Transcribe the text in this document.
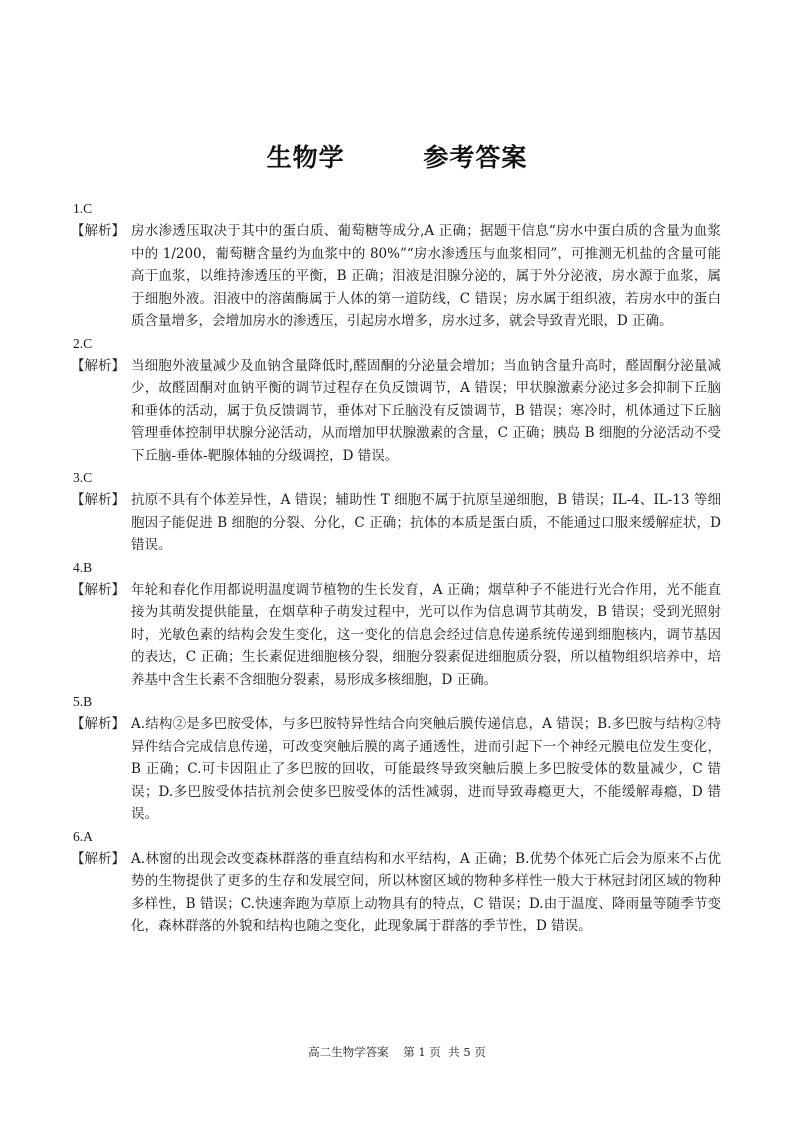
生物学    参考答案
1.C
【解析】 房水渗透压取决于其中的蛋白质、葡萄糖等成分,A 正确；据题干信息“房水中蛋白质的含量为血浆中的 1/200，葡萄糖含量约为血浆中的 80%”“房水渗透压与血浆相同”，可推测无机盐的含量可能高于血浆，以维持渗透压的平衡，B 正确；泪液是泪腺分泌的，属于外分泌液，房水源于血浆，属于细胞外液。泪液中的溶菌酶属于人体的第一道防线，C 错误；房水属于组织液，若房水中的蛋白质含量增多，会增加房水的渗透压，引起房水增多，房水过多，就会导致青光眼，D 正确。
2.C
【解析】 当细胞外液量减少及血钠含量降低时,醛固酮的分泌量会增加；当血钠含量升高时，醛固酮分泌量减少，故醛固酮对血钠平衡的调节过程存在负反馈调节，A 错误；甲状腺激素分泌过多会抑制下丘脑和垂体的活动，属于负反馈调节，垂体对下丘脑没有反馈调节，B 错误；寒冷时，机体通过下丘脑管理垂体控制甲状腺分泌活动，从而增加甲状腺激素的含量，C 正确；胰岛 B 细胞的分泌活动不受下丘脑-垂体-靶腺体轴的分级调控，D 错误。
3.C
【解析】 抗原不具有个体差异性，A 错误；辅助性 T 细胞不属于抗原呈递细胞，B 错误；IL-4、IL-13 等细胞因子能促进 B 细胞的分裂、分化，C 正确；抗体的本质是蛋白质，不能通过口服来缓解症状，D 错误。
4.B
【解析】 年轮和春化作用都说明温度调节植物的生长发育，A 正确；烟草种子不能进行光合作用，光不能直接为其萌发提供能量，在烟草种子萌发过程中，光可以作为信息调节其萌发，B 错误；受到光照射时，光敏色素的结构会发生变化，这一变化的信息会经过信息传递系统传递到细胞核内，调节基因的表达，C 正确；生长素促进细胞核分裂，细胞分裂素促进细胞质分裂，所以植物组织培养中，培养基中含生长素不含细胞分裂素，易形成多核细胞，D 正确。
5.B
【解析】 A.结构②是多巴胺受体，与多巴胺特异性结合向突触后膜传递信息，A 错误；B.多巴胺与结构②特异件结合完成信息传递，可改变突触后膜的离子通透性，进而引起下一个神经元膜电位发生变化，B 正确；C.可卡因阻止了多巴胺的回收，可能最终导致突触后膜上多巴胺受体的数量减少，C 错误；D.多巴胺受体拮抗剂会使多巴胺受体的活性减弱，进而导致毒瘾更大，不能缓解毒瘾，D 错误。
6.A
【解析】 A.林窗的出现会改变森林群落的垂直结构和水平结构，A 正确；B.优势个体死亡后会为原来不占优势的生物提供了更多的生存和发展空间，所以林窗区域的物种多样性一般大于林冠封闭区域的物种多样性，B 错误；C.快速奔跑为草原上动物具有的特点，C 错误；D.由于温度、降雨量等随季节变化，森林群落的外貌和结构也随之变化，此现象属于群落的季节性，D 错误。
高二生物学答案    第 1 页  共 5 页
